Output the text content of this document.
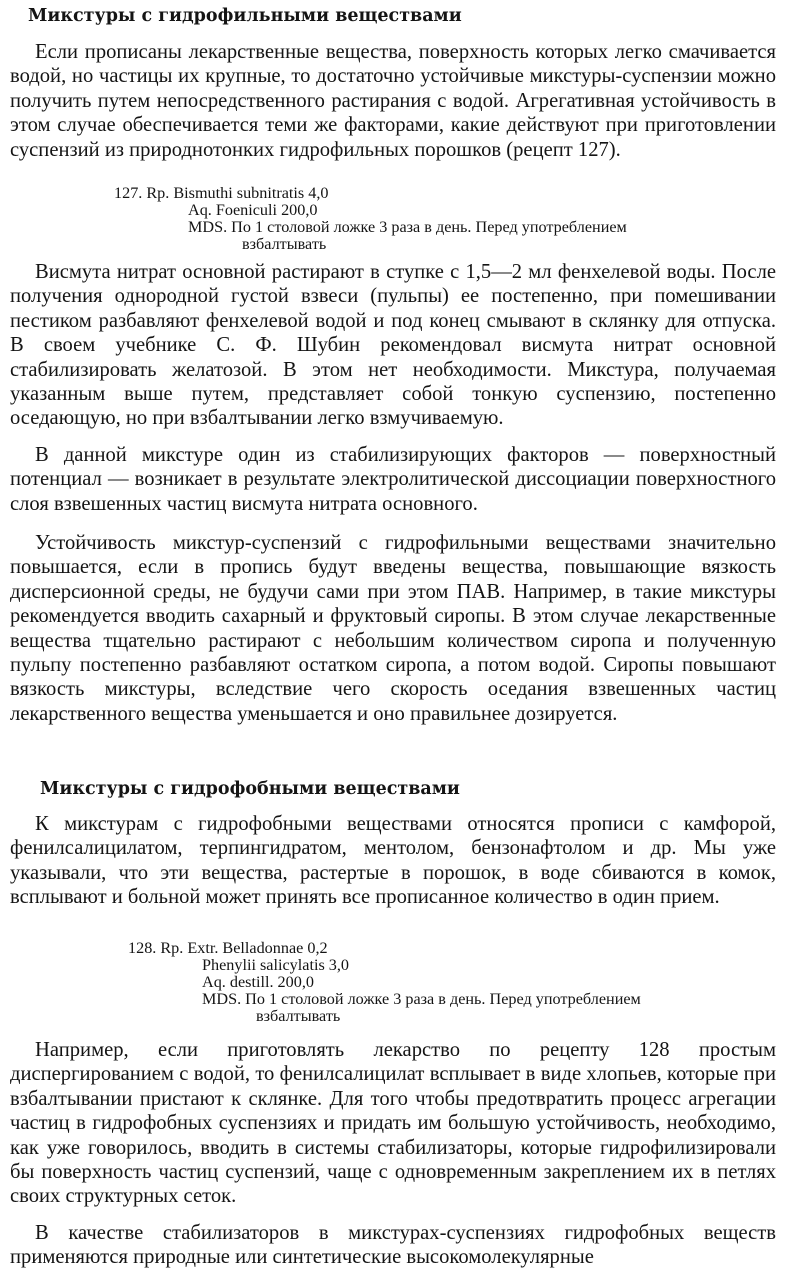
Микстуры с гидрофильными веществами

Если прописаны лекарственные вещества, поверхность которых легко смачивается водой, но частицы их крупные, то достаточно устойчивые микстуры-суспензии можно получить путем непосредственного растирания с водой. Агрегативная устойчивость в этом случае обеспечивается теми же факторами, какие действуют при приготовлении суспензий из природнотонких гидрофильных порошков (рецепт 127).

127. Rp. Bismuthi subnitratis 4,0
Aq. Foeniculi 200,0
MDS. По 1 столовой ложке 3 раза в день. Перед употреблением
взбалтывать

Висмута нитрат основной растирают в ступке с 1,5—2 мл фенхелевой воды. После получения однородной густой взвеси (пульпы) ее постепенно, при помешивании пестиком разбавляют фенхелевой водой и под конец смывают в склянку для отпуска. В своем учебнике С. Ф. Шубин рекомендовал висмута нитрат основной стабилизировать желатозой. В этом нет необходимости. Микстура, получаемая указанным выше путем, представляет собой тонкую суспензию, постепенно оседающую, но при взбалтывании легко взмучиваемую.

В данной микстуре один из стабилизирующих факторов — поверхностный потенциал — возникает в результате электролитической диссоциации поверхностного слоя взвешенных частиц висмута нитрата основного.

Устойчивость микстур-суспензий с гидрофильными веществами значительно повышается, если в пропись будут введены вещества, повышающие вязкость дисперсионной среды, не будучи сами при этом ПАВ. Например, в такие микстуры рекомендуется вводить сахарный и фруктовый сиропы. В этом случае лекарственные вещества тщательно растирают с небольшим количеством сиропа и полученную пульпу постепенно разбавляют остатком сиропа, а потом водой. Сиропы повышают вязкость микстуры, вследствие чего скорость оседания взвешенных частиц лекарственного вещества уменьшается и оно правильнее дозируется.

Микстуры с гидрофобными веществами

К микстурам с гидрофобными веществами относятся прописи с камфорой, фенилсалицилатом, терпингидратом, ментолом, бензонафтолом и др. Мы уже указывали, что эти вещества, растертые в порошок, в воде сбиваются в комок, всплывают и больной может принять все прописанное количество в один прием.

128. Rp. Extr. Belladonnae 0,2
Phenylii salicylatis 3,0
Aq. destill. 200,0
MDS. По 1 столовой ложке 3 раза в день. Перед употреблением
взбалтывать

Например, если приготовлять лекарство по рецепту 128 простым диспергированием с водой, то фенилсалицилат всплывает в виде хлопьев, которые при взбалтывании пристают к склянке. Для того чтобы предотвратить процесс агрегации частиц в гидрофобных суспензиях и придать им большую устойчивость, необходимо, как уже говорилось, вводить в системы стабилизаторы, которые гидрофилизировали бы поверхность частиц суспензий, чаще с одновременным закреплением их в петлях своих структурных сеток.

В качестве стабилизаторов в микстурах-суспензиях гидрофобных веществ применяются природные или синтетические высокомолекулярные
